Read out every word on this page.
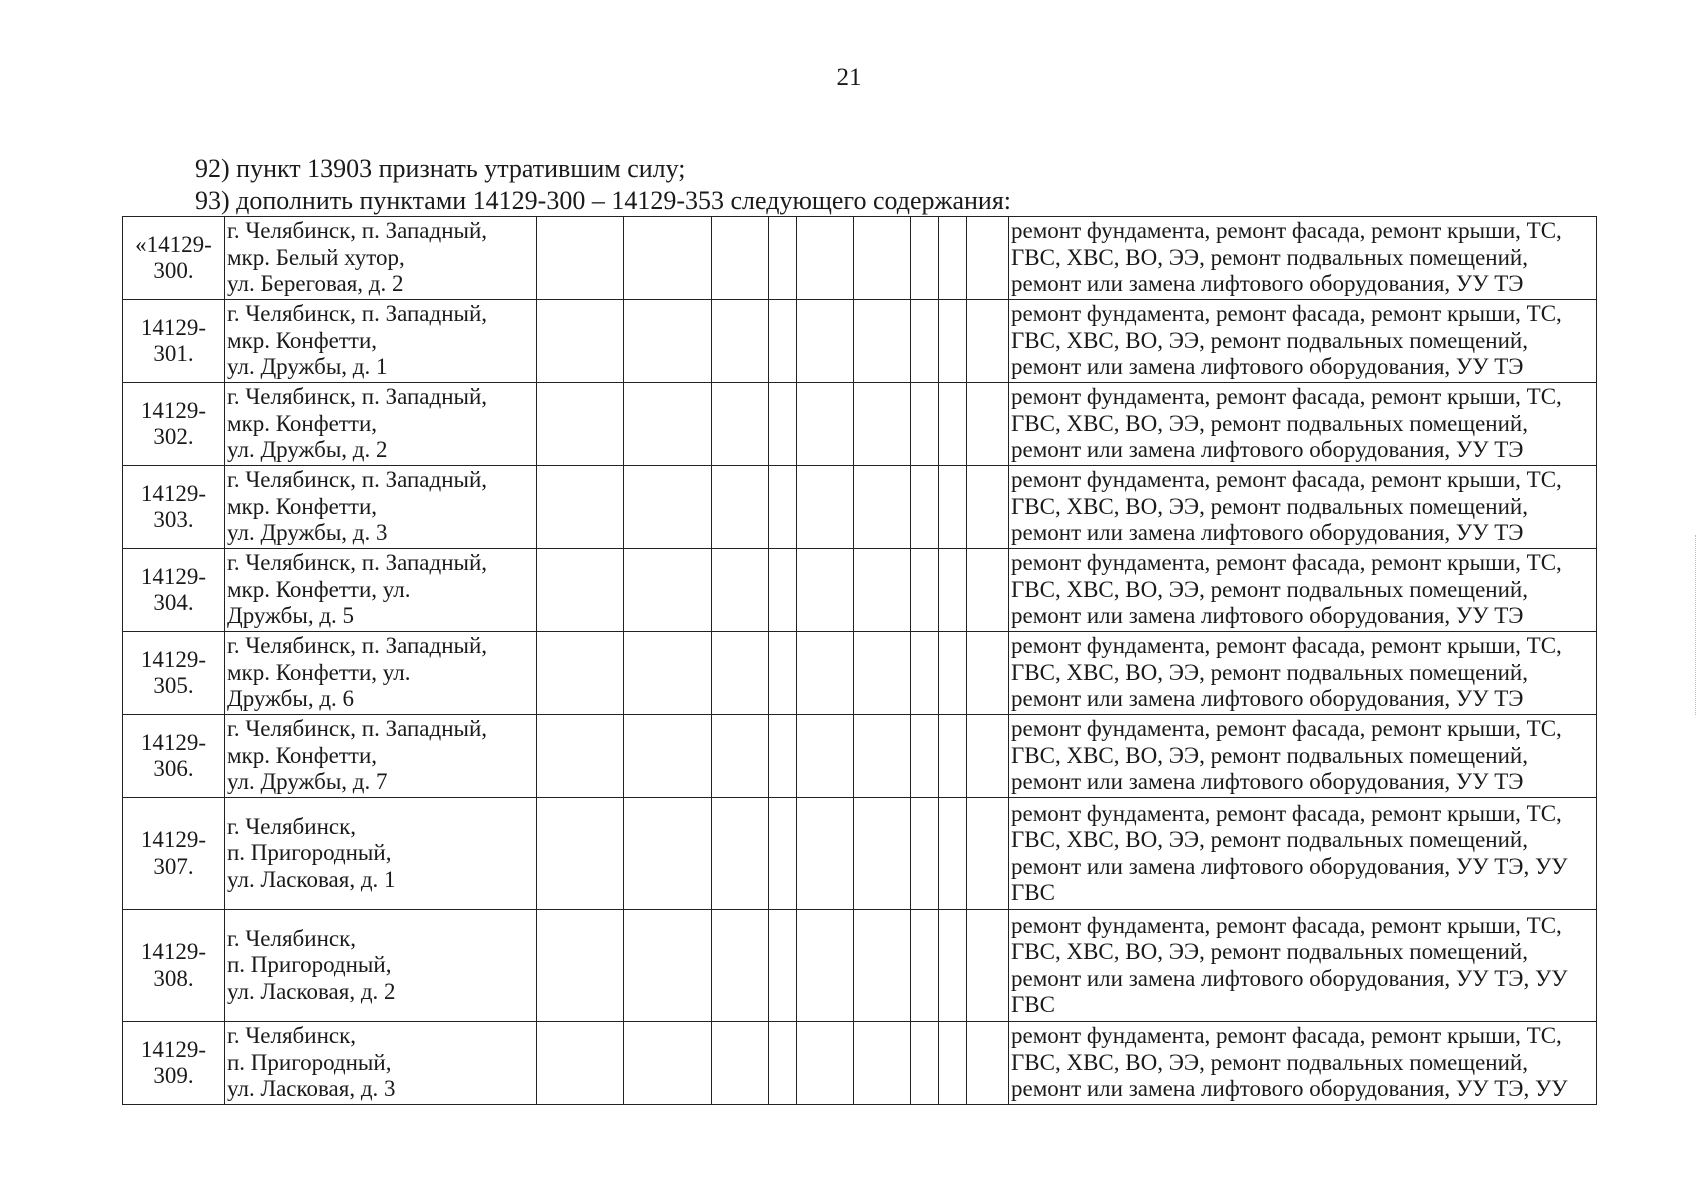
21
92) пункт 13903 признать утратившим силу;
93) дополнить пунктами 14129-300 – 14129-353 следующего содержания:
«14129-
300.	г. Челябинск, п. Западный,
мкр. Белый хутор,
ул. Береговая, д. 2										ремонт фундамента, ремонт фасада, ремонт крыши, ТС, ГВС, ХВС, ВО, ЭЭ, ремонт подвальных помещений, ремонт или замена лифтового оборудования, УУ ТЭ

14129-
301.	г. Челябинск, п. Западный,
мкр. Конфетти,
ул. Дружбы, д. 1										ремонт фундамента, ремонт фасада, ремонт крыши, ТС, ГВС, ХВС, ВО, ЭЭ, ремонт подвальных помещений, ремонт или замена лифтового оборудования, УУ ТЭ

14129-
302.	г. Челябинск, п. Западный,
мкр. Конфетти,
ул. Дружбы, д. 2										ремонт фундамента, ремонт фасада, ремонт крыши, ТС, ГВС, ХВС, ВО, ЭЭ, ремонт подвальных помещений, ремонт или замена лифтового оборудования, УУ ТЭ

14129-
303.	г. Челябинск, п. Западный,
мкр. Конфетти,
ул. Дружбы, д. 3										ремонт фундамента, ремонт фасада, ремонт крыши, ТС, ГВС, ХВС, ВО, ЭЭ, ремонт подвальных помещений, ремонт или замена лифтового оборудования, УУ ТЭ

14129-
304.	г. Челябинск, п. Западный,
мкр. Конфетти, ул.
Дружбы, д. 5										ремонт фундамента, ремонт фасада, ремонт крыши, ТС, ГВС, ХВС, ВО, ЭЭ, ремонт подвальных помещений, ремонт или замена лифтового оборудования, УУ ТЭ

14129-
305.	г. Челябинск, п. Западный,
мкр. Конфетти, ул.
Дружбы, д. 6										ремонт фундамента, ремонт фасада, ремонт крыши, ТС, ГВС, ХВС, ВО, ЭЭ, ремонт подвальных помещений, ремонт или замена лифтового оборудования, УУ ТЭ

14129-
306.	г. Челябинск, п. Западный,
мкр. Конфетти,
ул. Дружбы, д. 7										ремонт фундамента, ремонт фасада, ремонт крыши, ТС, ГВС, ХВС, ВО, ЭЭ, ремонт подвальных помещений, ремонт или замена лифтового оборудования, УУ ТЭ

14129-
307.	г. Челябинск,
п. Пригородный,
ул. Ласковая, д. 1										ремонт фундамента, ремонт фасада, ремонт крыши, ТС, ГВС, ХВС, ВО, ЭЭ, ремонт подвальных помещений, ремонт или замена лифтового оборудования, УУ ТЭ, УУ ГВС

14129-
308.	г. Челябинск,
п. Пригородный,
ул. Ласковая, д. 2										ремонт фундамента, ремонт фасада, ремонт крыши, ТС, ГВС, ХВС, ВО, ЭЭ, ремонт подвальных помещений, ремонт или замена лифтового оборудования, УУ ТЭ, УУ ГВС

14129-
309.	г. Челябинск,
п. Пригородный,
ул. Ласковая, д. 3										ремонт фундамента, ремонт фасада, ремонт крыши, ТС, ГВС, ХВС, ВО, ЭЭ, ремонт подвальных помещений, ремонт или замена лифтового оборудования, УУ ТЭ, УУ
